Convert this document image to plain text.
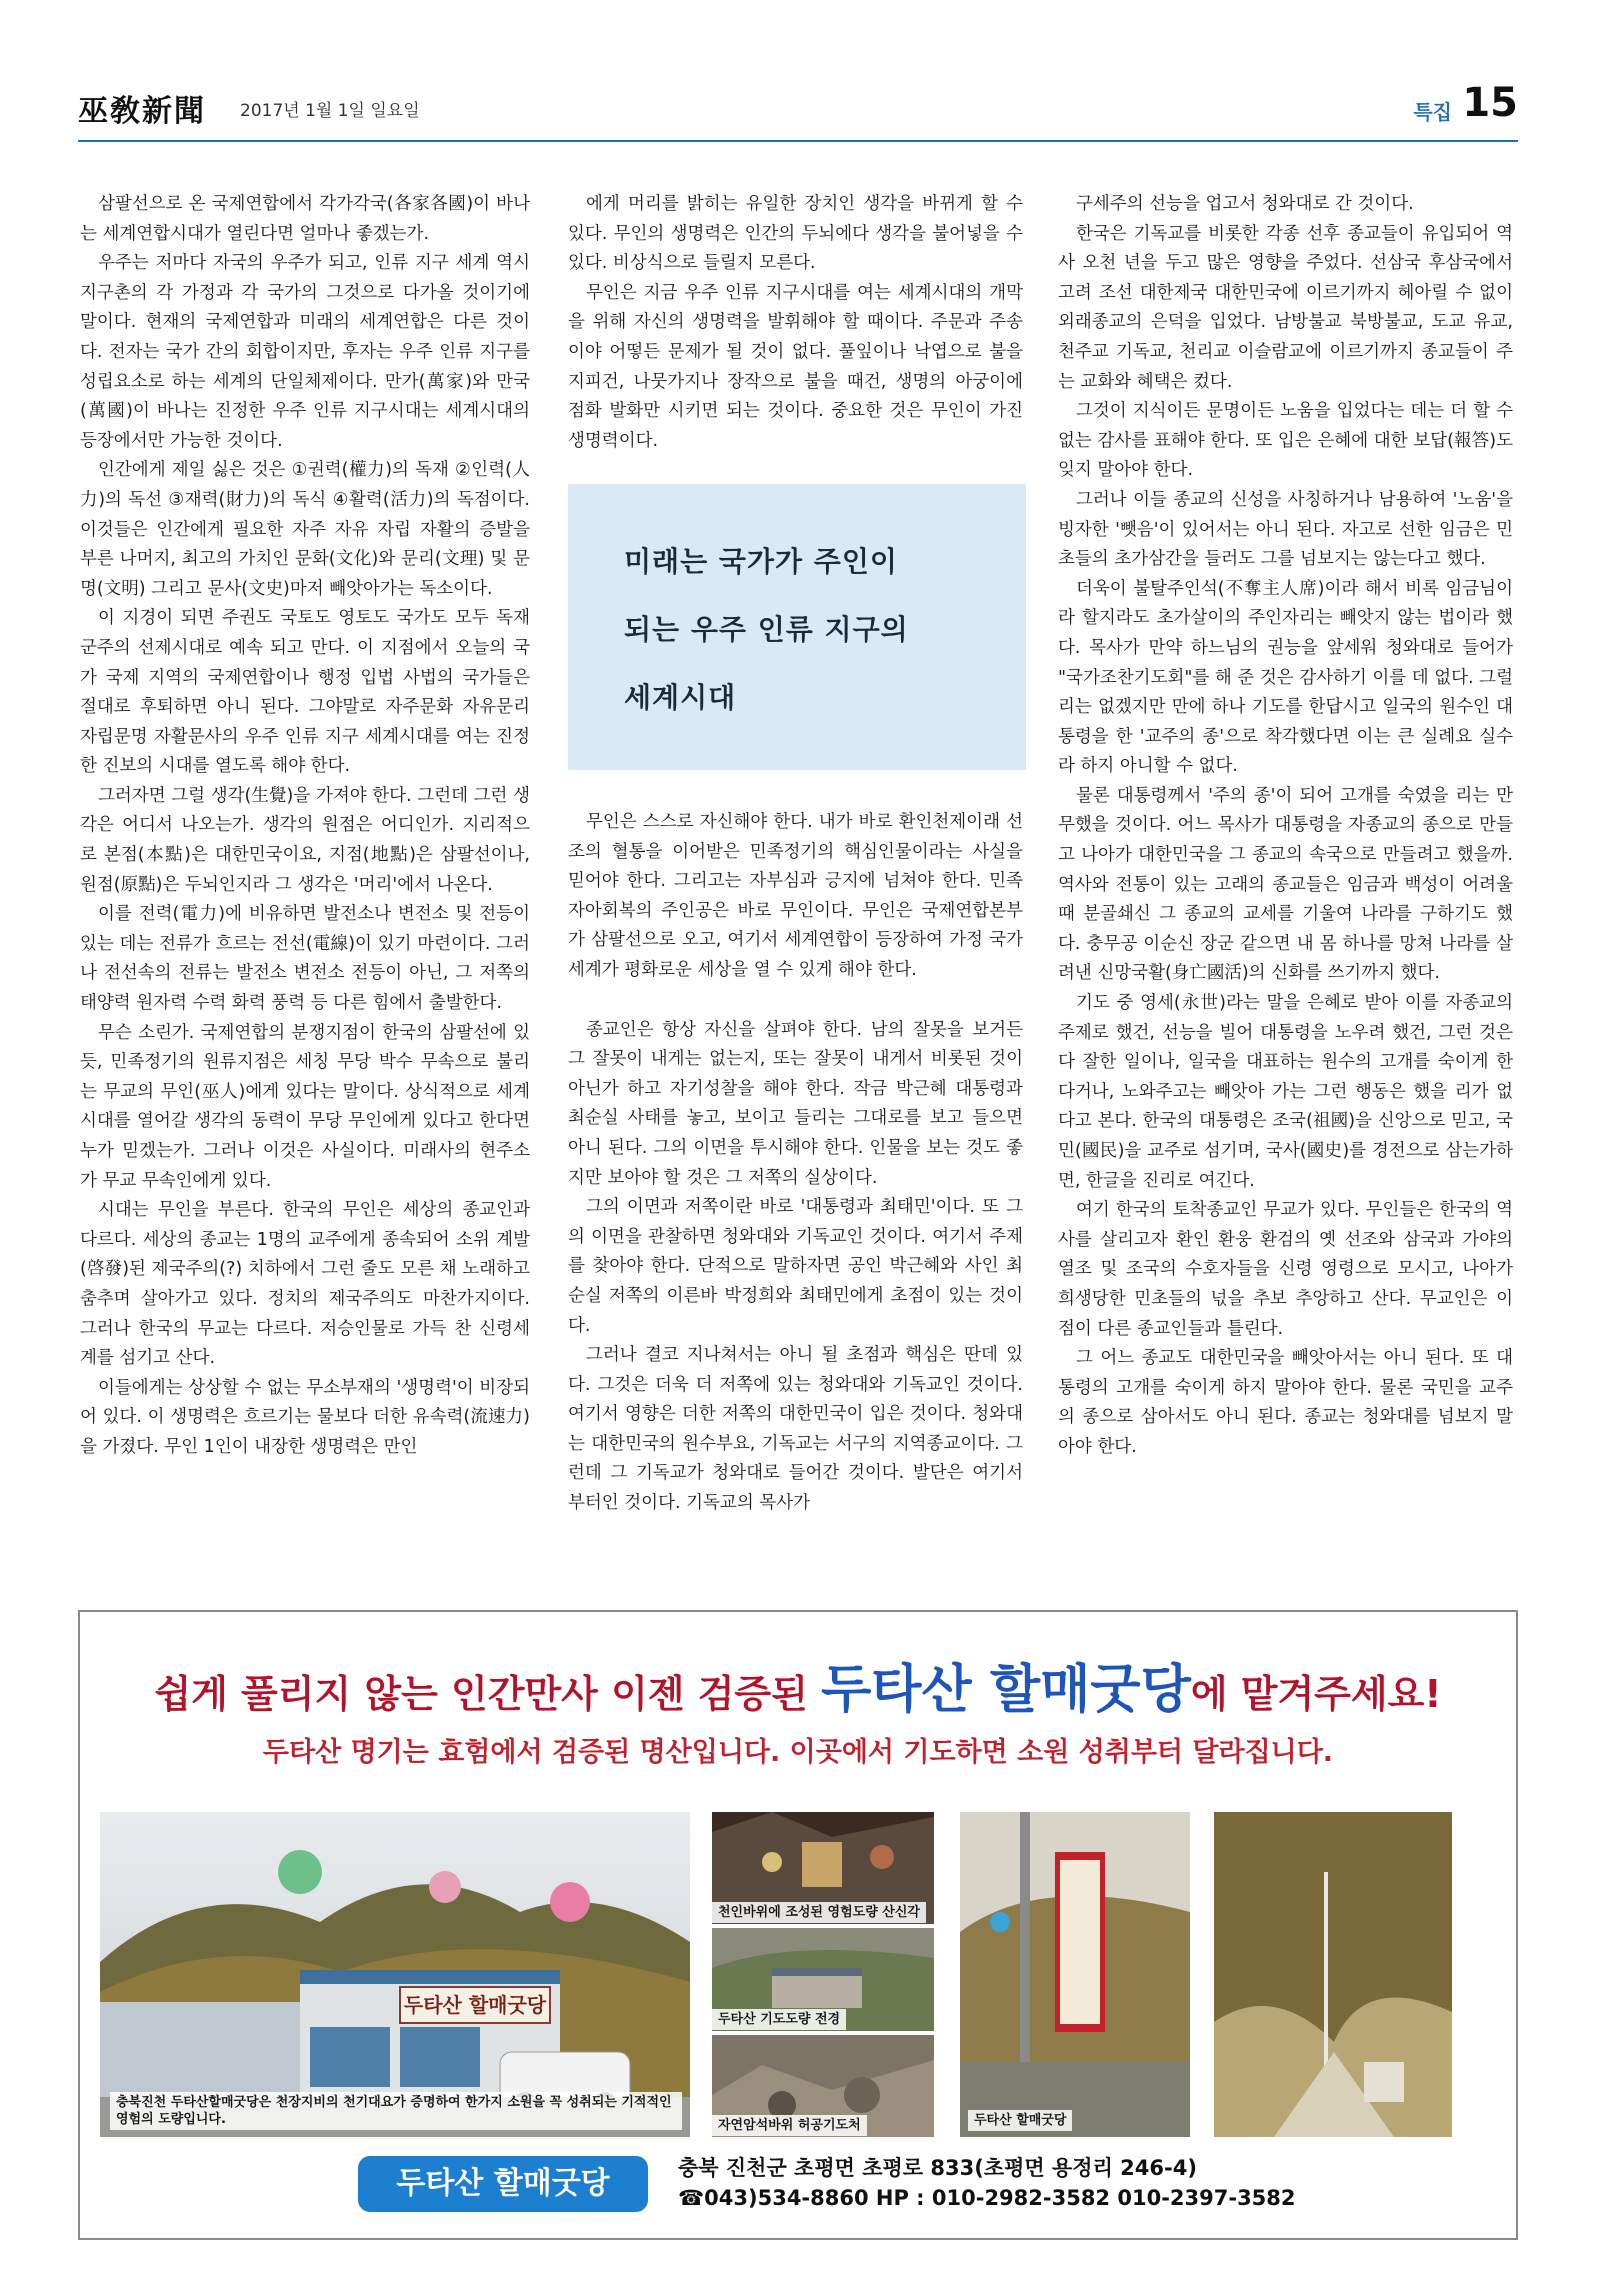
巫敎新聞 2017년 1월 1일 일요일	특집 15

삼팔선으로 온 국제연합에서 각가각국(各家各國)이 바나는 세계연합시대가 열린다면 얼마나 좋겠는가.

우주는 저마다 자국의 우주가 되고, 인류 지구 세계 역시 지구촌의 각 가정과 각 국가의 그것으로 다가올 것이기에 말이다. 현재의 국제연합과 미래의 세계연합은 다른 것이다. 전자는 국가 간의 회합이지만, 후자는 우주 인류 지구를 성립요소로 하는 세계의 단일체제이다. 만가(萬家)와 만국(萬國)이 바나는 진정한 우주 인류 지구시대는 세계시대의 등장에서만 가능한 것이다.

인간에게 제일 싫은 것은 ①권력(權力)의 독재 ②인력(人力)의 독선 ③재력(財力)의 독식 ④활력(活力)의 독점이다. 이것들은 인간에게 필요한 자주 자유 자립 자활의 증발을 부른 나머지, 최고의 가치인 문화(文化)와 문리(文理) 및 문명(文明) 그리고 문사(文史)마저 빼앗아가는 독소이다.

이 지경이 되면 주권도 국토도 영토도 국가도 모두 독재군주의 선제시대로 예속 되고 만다. 이 지점에서 오늘의 국가 국제 지역의 국제연합이나 행정 입법 사법의 국가들은 절대로 후퇴하면 아니 된다. 그야말로 자주문화 자유문리 자립문명 자활문사의 우주 인류 지구 세계시대를 여는 진정한 진보의 시대를 열도록 해야 한다.

그러자면 그럴 생각(生覺)을 가져야 한다. 그런데 그런 생각은 어디서 나오는가. 생각의 원점은 어디인가. 지리적으로 본점(本點)은 대한민국이요, 지점(地點)은 삼팔선이나, 원점(原點)은 두뇌인지라 그 생각은 '머리'에서 나온다.

이를 전력(電力)에 비유하면 발전소나 변전소 및 전등이 있는 데는 전류가 흐르는 전선(電線)이 있기 마련이다. 그러나 전선속의 전류는 발전소 변전소 전등이 아닌, 그 저쪽의 태양력 원자력 수력 화력 풍력 등 다른 힘에서 출발한다.

무슨 소린가. 국제연합의 분쟁지점이 한국의 삼팔선에 있듯, 민족정기의 원류지점은 세칭 무당 박수 무속으로 불리는 무교의 무인(巫人)에게 있다는 말이다. 상식적으로 세계시대를 열어갈 생각의 동력이 무당 무인에게 있다고 한다면 누가 믿겠는가. 그러나 이것은 사실이다. 미래사의 현주소가 무교 무속인에게 있다.

시대는 무인을 부른다. 한국의 무인은 세상의 종교인과 다르다. 세상의 종교는 1명의 교주에게 종속되어 소위 계발(啓發)된 제국주의(?) 치하에서 그런 줄도 모른 채 노래하고 춤추며 살아가고 있다. 정치의 제국주의도 마찬가지이다. 그러나 한국의 무교는 다르다. 저승인물로 가득 찬 신령세계를 섬기고 산다.

이들에게는 상상할 수 없는 무소부재의 '생명력'이 비장되어 있다. 이 생명력은 흐르기는 물보다 더한 유속력(流速力)을 가졌다. 무인 1인이 내장한 생명력은 만인

에게 머리를 밝히는 유일한 장치인 생각을 바뀌게 할 수 있다. 무인의 생명력은 인간의 두뇌에다 생각을 불어넣을 수 있다. 비상식으로 들릴지 모른다.

무인은 지금 우주 인류 지구시대를 여는 세계시대의 개막을 위해 자신의 생명력을 발휘해야 할 때이다. 주문과 주송이야 어떻든 문제가 될 것이 없다. 풀잎이나 낙엽으로 불을 지피건, 나뭇가지나 장작으로 불을 때건, 생명의 아궁이에 점화 발화만 시키면 되는 것이다. 중요한 것은 무인이 가진 생명력이다.

미래는 국가가 주인이
되는 우주 인류 지구의
세계시대

무인은 스스로 자신해야 한다. 내가 바로 환인천제이래 선조의 혈통을 이어받은 민족정기의 핵심인물이라는 사실을 믿어야 한다. 그리고는 자부심과 긍지에 넘쳐야 한다. 민족자아회복의 주인공은 바로 무인이다. 무인은 국제연합본부가 삼팔선으로 오고, 여기서 세계연합이 등장하여 가정 국가 세계가 평화로운 세상을 열 수 있게 해야 한다.

종교인은 항상 자신을 살펴야 한다. 남의 잘못을 보거든 그 잘못이 내게는 없는지, 또는 잘못이 내게서 비롯된 것이 아닌가 하고 자기성찰을 해야 한다. 작금 박근혜 대통령과 최순실 사태를 놓고, 보이고 들리는 그대로를 보고 들으면 아니 된다. 그의 이면을 투시해야 한다. 인물을 보는 것도 좋지만 보아야 할 것은 그 저쪽의 실상이다.

그의 이면과 저쪽이란 바로 '대통령과 최태민'이다. 또 그의 이면을 관찰하면 청와대와 기독교인 것이다. 여기서 주제를 찾아야 한다. 단적으로 말하자면 공인 박근혜와 사인 최순실 저쪽의 이른바 박정희와 최태민에게 초점이 있는 것이다.

그러나 결코 지나쳐서는 아니 될 초점과 핵심은 딴데 있다. 그것은 더욱 더 저쪽에 있는 청와대와 기독교인 것이다. 여기서 영향은 더한 저쪽의 대한민국이 입은 것이다. 청와대는 대한민국의 원수부요, 기독교는 서구의 지역종교이다. 그런데 그 기독교가 청와대로 들어간 것이다. 발단은 여기서 부터인 것이다. 기독교의 목사가

구세주의 선능을 업고서 청와대로 간 것이다.

한국은 기독교를 비롯한 각종 선후 종교들이 유입되어 역사 오천 년을 두고 많은 영향을 주었다. 선삼국 후삼국에서 고려 조선 대한제국 대한민국에 이르기까지 헤아릴 수 없이 외래종교의 은덕을 입었다. 남방불교 북방불교, 도교 유교, 천주교 기독교, 천리교 이슬람교에 이르기까지 종교들이 주는 교화와 혜택은 컸다.

그것이 지식이든 문명이든 노움을 입었다는 데는 더 할 수 없는 감사를 표해야 한다. 또 입은 은혜에 대한 보답(報答)도 잊지 말아야 한다.

그러나 이들 종교의 신성을 사칭하거나 남용하여 '노움'을 빙자한 '뺏음'이 있어서는 아니 된다. 자고로 선한 임금은 민초들의 초가삼간을 들러도 그를 넘보지는 않는다고 했다.

더욱이 불탈주인석(不奪主人席)이라 해서 비록 임금님이라 할지라도 초가살이의 주인자리는 빼앗지 않는 법이라 했다. 목사가 만약 하느님의 권능을 앞세워 청와대로 들어가 "국가조찬기도회"를 해 준 것은 감사하기 이를 데 없다. 그럴 리는 없겠지만 만에 하나 기도를 한답시고 일국의 원수인 대통령을 한 '교주의 종'으로 착각했다면 이는 큰 실례요 실수라 하지 아니할 수 없다.

물론 대통령께서 '주의 종'이 되어 고개를 숙였을 리는 만무했을 것이다. 어느 목사가 대통령을 자종교의 종으로 만들고 나아가 대한민국을 그 종교의 속국으로 만들려고 했을까. 역사와 전통이 있는 고래의 종교들은 임금과 백성이 어려울 때 분골쇄신 그 종교의 교세를 기울여 나라를 구하기도 했다. 충무공 이순신 장군 같으면 내 몸 하나를 망쳐 나라를 살려낸 신망국활(身亡國活)의 신화를 쓰기까지 했다.

기도 중 영세(永世)라는 말을 은혜로 받아 이를 자종교의 주제로 했건, 선능을 빌어 대통령을 노우려 했건, 그런 것은 다 잘한 일이나, 일국을 대표하는 원수의 고개를 숙이게 한다거나, 노와주고는 빼앗아 가는 그런 행동은 했을 리가 없다고 본다. 한국의 대통령은 조국(祖國)을 신앙으로 믿고, 국민(國民)을 교주로 섬기며, 국사(國史)를 경전으로 삼는가하면, 한글을 진리로 여긴다.

여기 한국의 토착종교인 무교가 있다. 무인들은 한국의 역사를 살리고자 환인 환웅 환검의 옛 선조와 삼국과 가야의 열조 및 조국의 수호자들을 신령 영령으로 모시고, 나아가 희생당한 민초들의 넋을 추보 추앙하고 산다. 무교인은 이 점이 다른 종교인들과 틀린다.

그 어느 종교도 대한민국을 빼앗아서는 아니 된다. 또 대통령의 고개를 숙이게 하지 말아야 한다. 물론 국민을 교주의 종으로 삼아서도 아니 된다. 종교는 청와대를 넘보지 말아야 한다.

쉽게 풀리지 않는 인간만사 이젠 검증된 두타산 할매굿당에 맡겨주세요!
두타산 명기는 효험에서 검증된 명산입니다. 이곳에서 기도하면 소원 성취부터 달라집니다.
두타산 할매굿당
충북진천 두타산할매굿당은 천장지비의 천기대요가 증명하여 한가지 소원을 꼭 성취되는 기적적인 영험의 도량입니다.
천인바위에 조성된 영험도량 산신각
두타산 기도도량 전경
자연암석바위 허공기도처	두타산 할매굿당
두타산 할매굿당	충북 진천군 초평면 초평로 833(초평면 용정리 246-4)
☎043)534-8860 HP : 010-2982-3582 010-2397-3582
